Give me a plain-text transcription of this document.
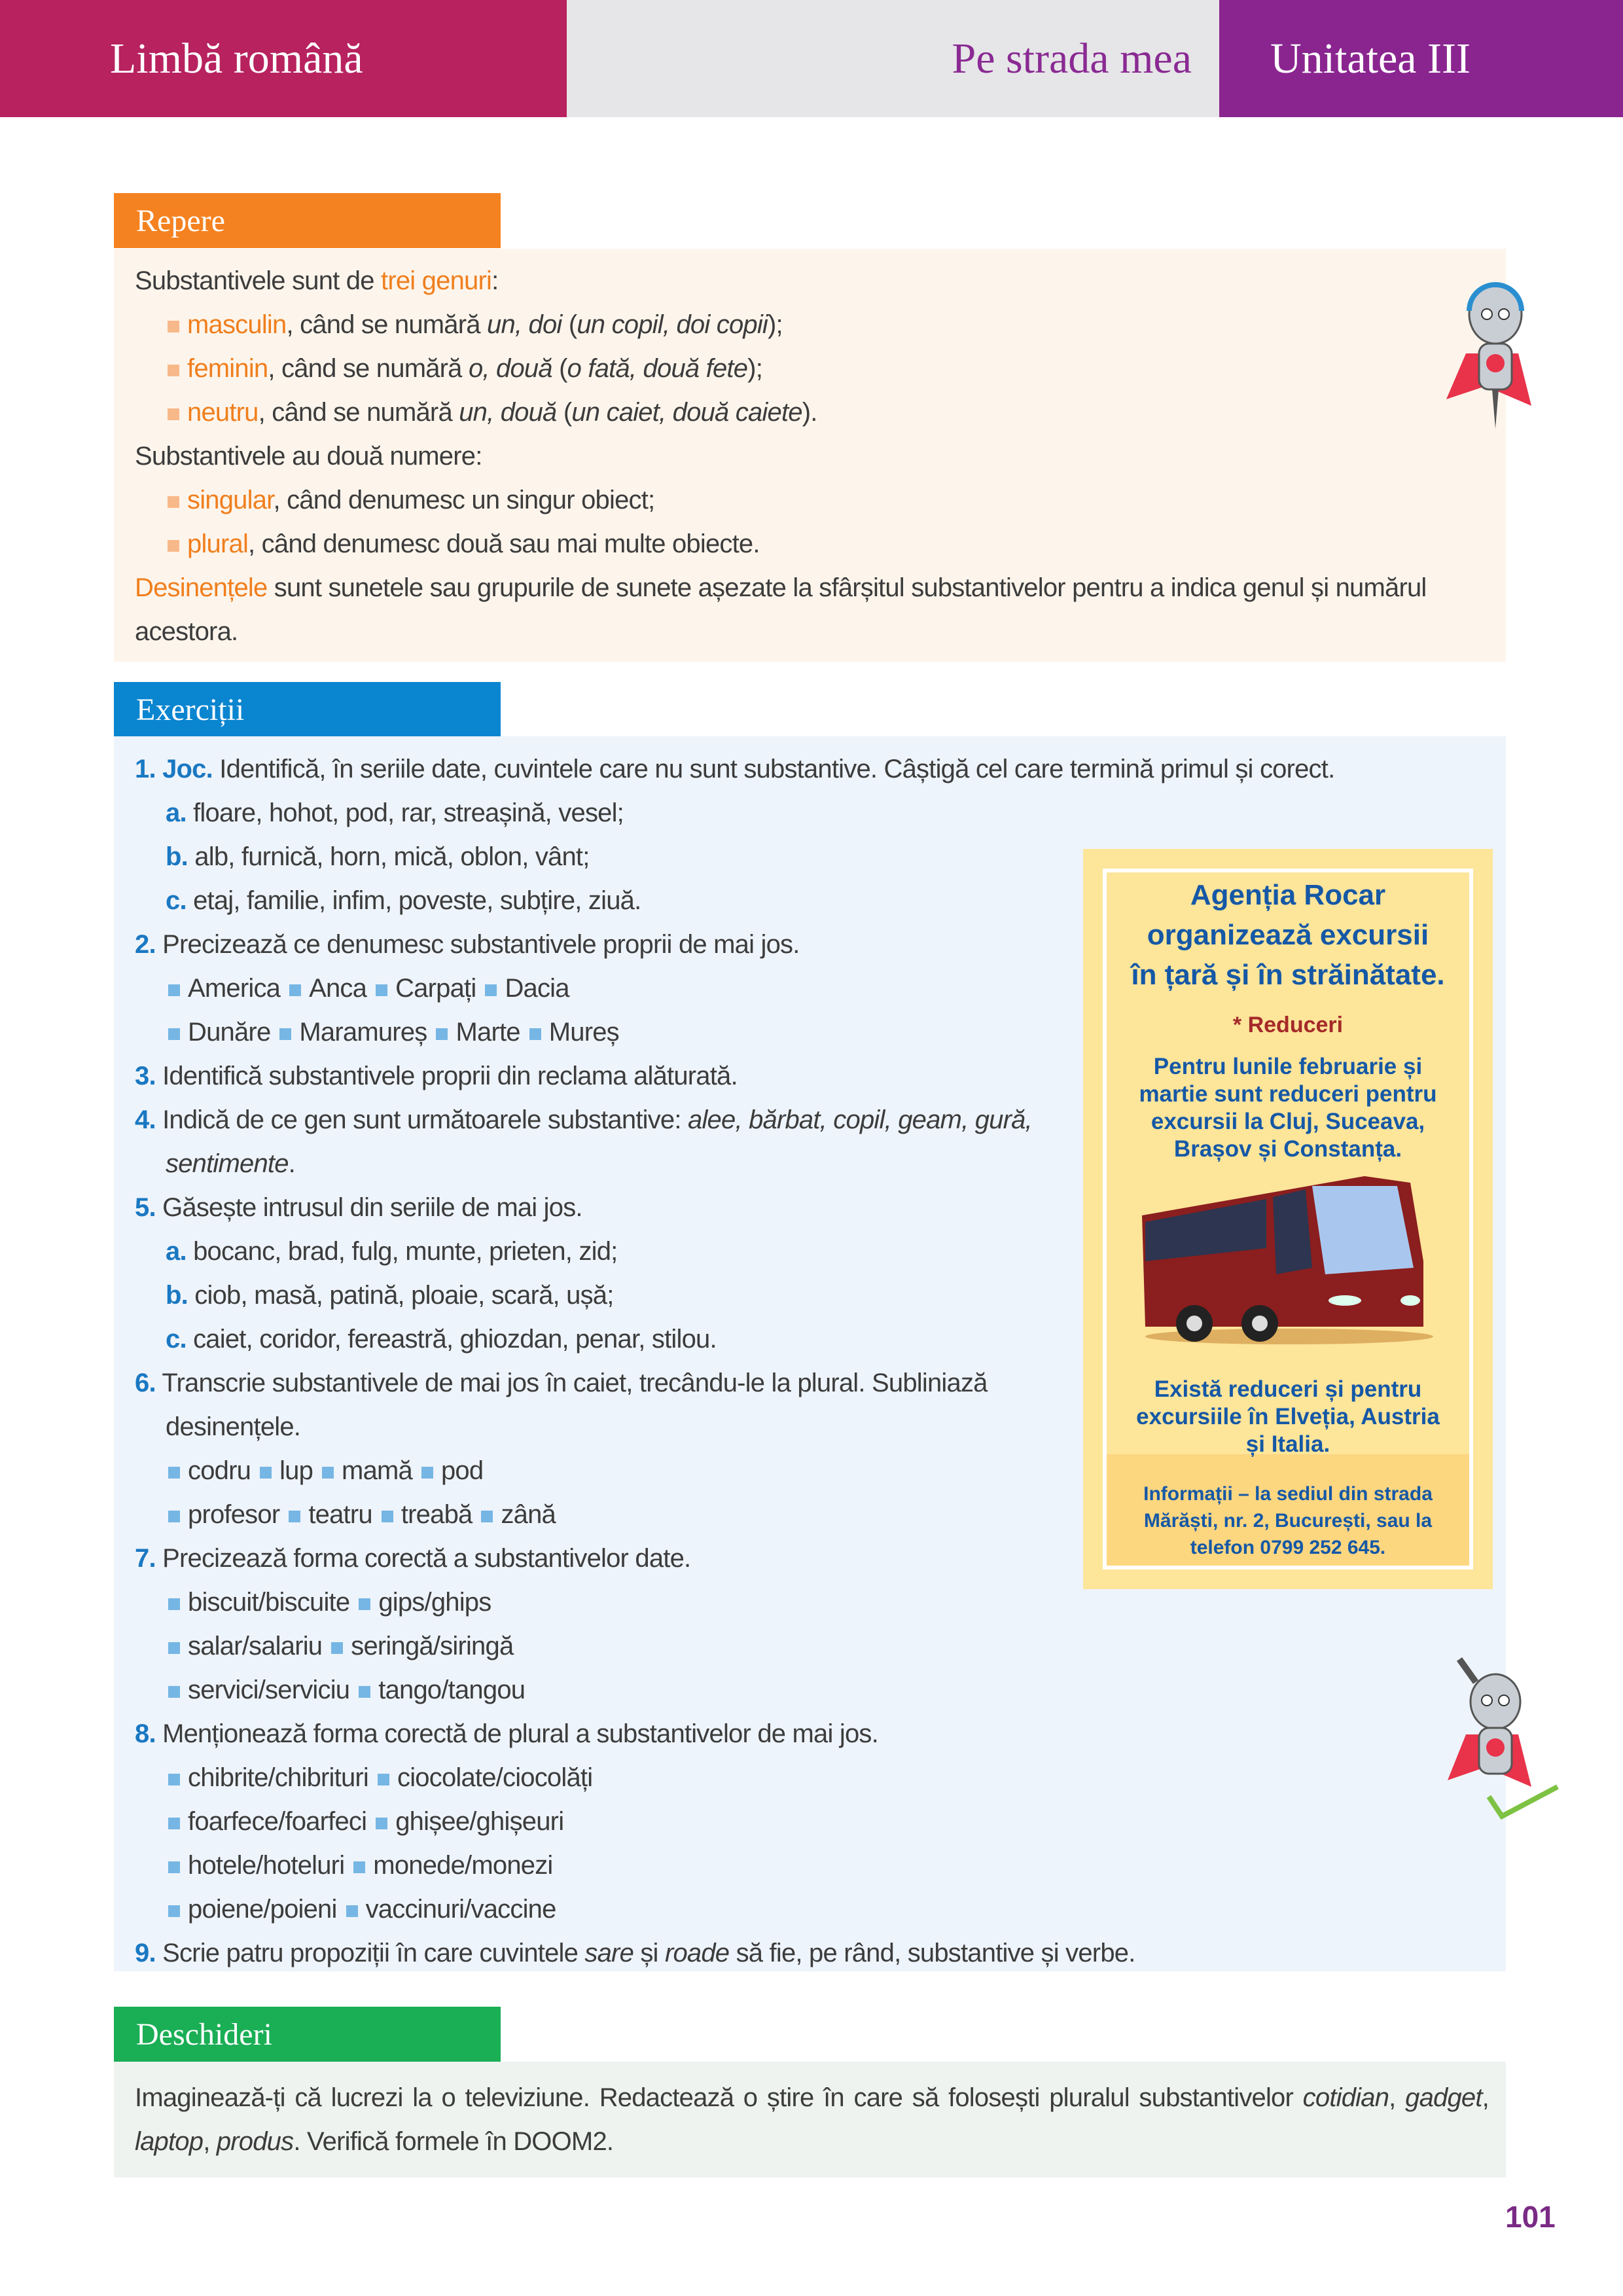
Limbă română	Pe strada mea	Unitatea III
Repere
Substantivele sunt de trei genuri:
masculin, când se numără un, doi (un copil, doi copii);
feminin, când se numără o, două (o fată, două fete);
neutru, când se numără un, două (un caiet, două caiete).
Substantivele au două numere:
singular, când denumesc un singur obiect;
plural, când denumesc două sau mai multe obiecte.
Desinențele sunt sunetele sau grupurile de sunete așezate la sfârșitul substantivelor pentru a indica genul și numărul acestora.
Exerciții
1. Joc. Identifică, în seriile date, cuvintele care nu sunt substantive. Câștigă cel care termină primul și corect.
a. floare, hohot, pod, rar, streașină, vesel;
b. alb, furnică, horn, mică, oblon, vânt;
c. etaj, familie, infim, poveste, subțire, ziuă.
2. Precizează ce denumesc substantivele proprii de mai jos.
America Anca Carpați Dacia
Dunăre Maramureș Marte Mureș
3. Identifică substantivele proprii din reclama alăturată.
4. Indică de ce gen sunt următoarele substantive: alee, bărbat, copil, geam, gură, sentimente.
5. Găsește intrusul din seriile de mai jos.
a. bocanc, brad, fulg, munte, prieten, zid;
b. ciob, masă, patină, ploaie, scară, ușă;
c. caiet, coridor, fereastră, ghiozdan, penar, stilou.
6. Transcrie substantivele de mai jos în caiet, trecându-le la plural. Subliniază desinențele.
codru lup mamă pod
profesor teatru treabă zână
7. Precizează forma corectă a substantivelor date.
biscuit/biscuite gips/ghips
salar/salariu seringă/siringă
servici/serviciu tango/tangou
8. Menționează forma corectă de plural a substantivelor de mai jos.
chibrite/chibrituri ciocolate/ciocolăți
foarfece/foarfeci ghișee/ghișeuri
hotele/hoteluri monede/monezi
poiene/poieni vaccinuri/vaccine
9. Scrie patru propoziții în care cuvintele sare și roade să fie, pe rând, substantive și verbe.
Agenția Rocar
organizează excursii
în țară și în străinătate.
* Reduceri
Pentru lunile februarie și
martie sunt reduceri pentru
excursii la Cluj, Suceava,
Brașov și Constanța.
Există reduceri și pentru
excursiile în Elveția, Austria
și Italia.
Informații – la sediul din strada
Mărăști, nr. 2, București, sau la
telefon 0799 252 645.
Deschideri
Imaginează-ți că lucrezi la o televiziune. Redactează o știre în care să folosești pluralul substantivelor cotidian, gadget, laptop, produs. Verifică formele în DOOM2.
101
